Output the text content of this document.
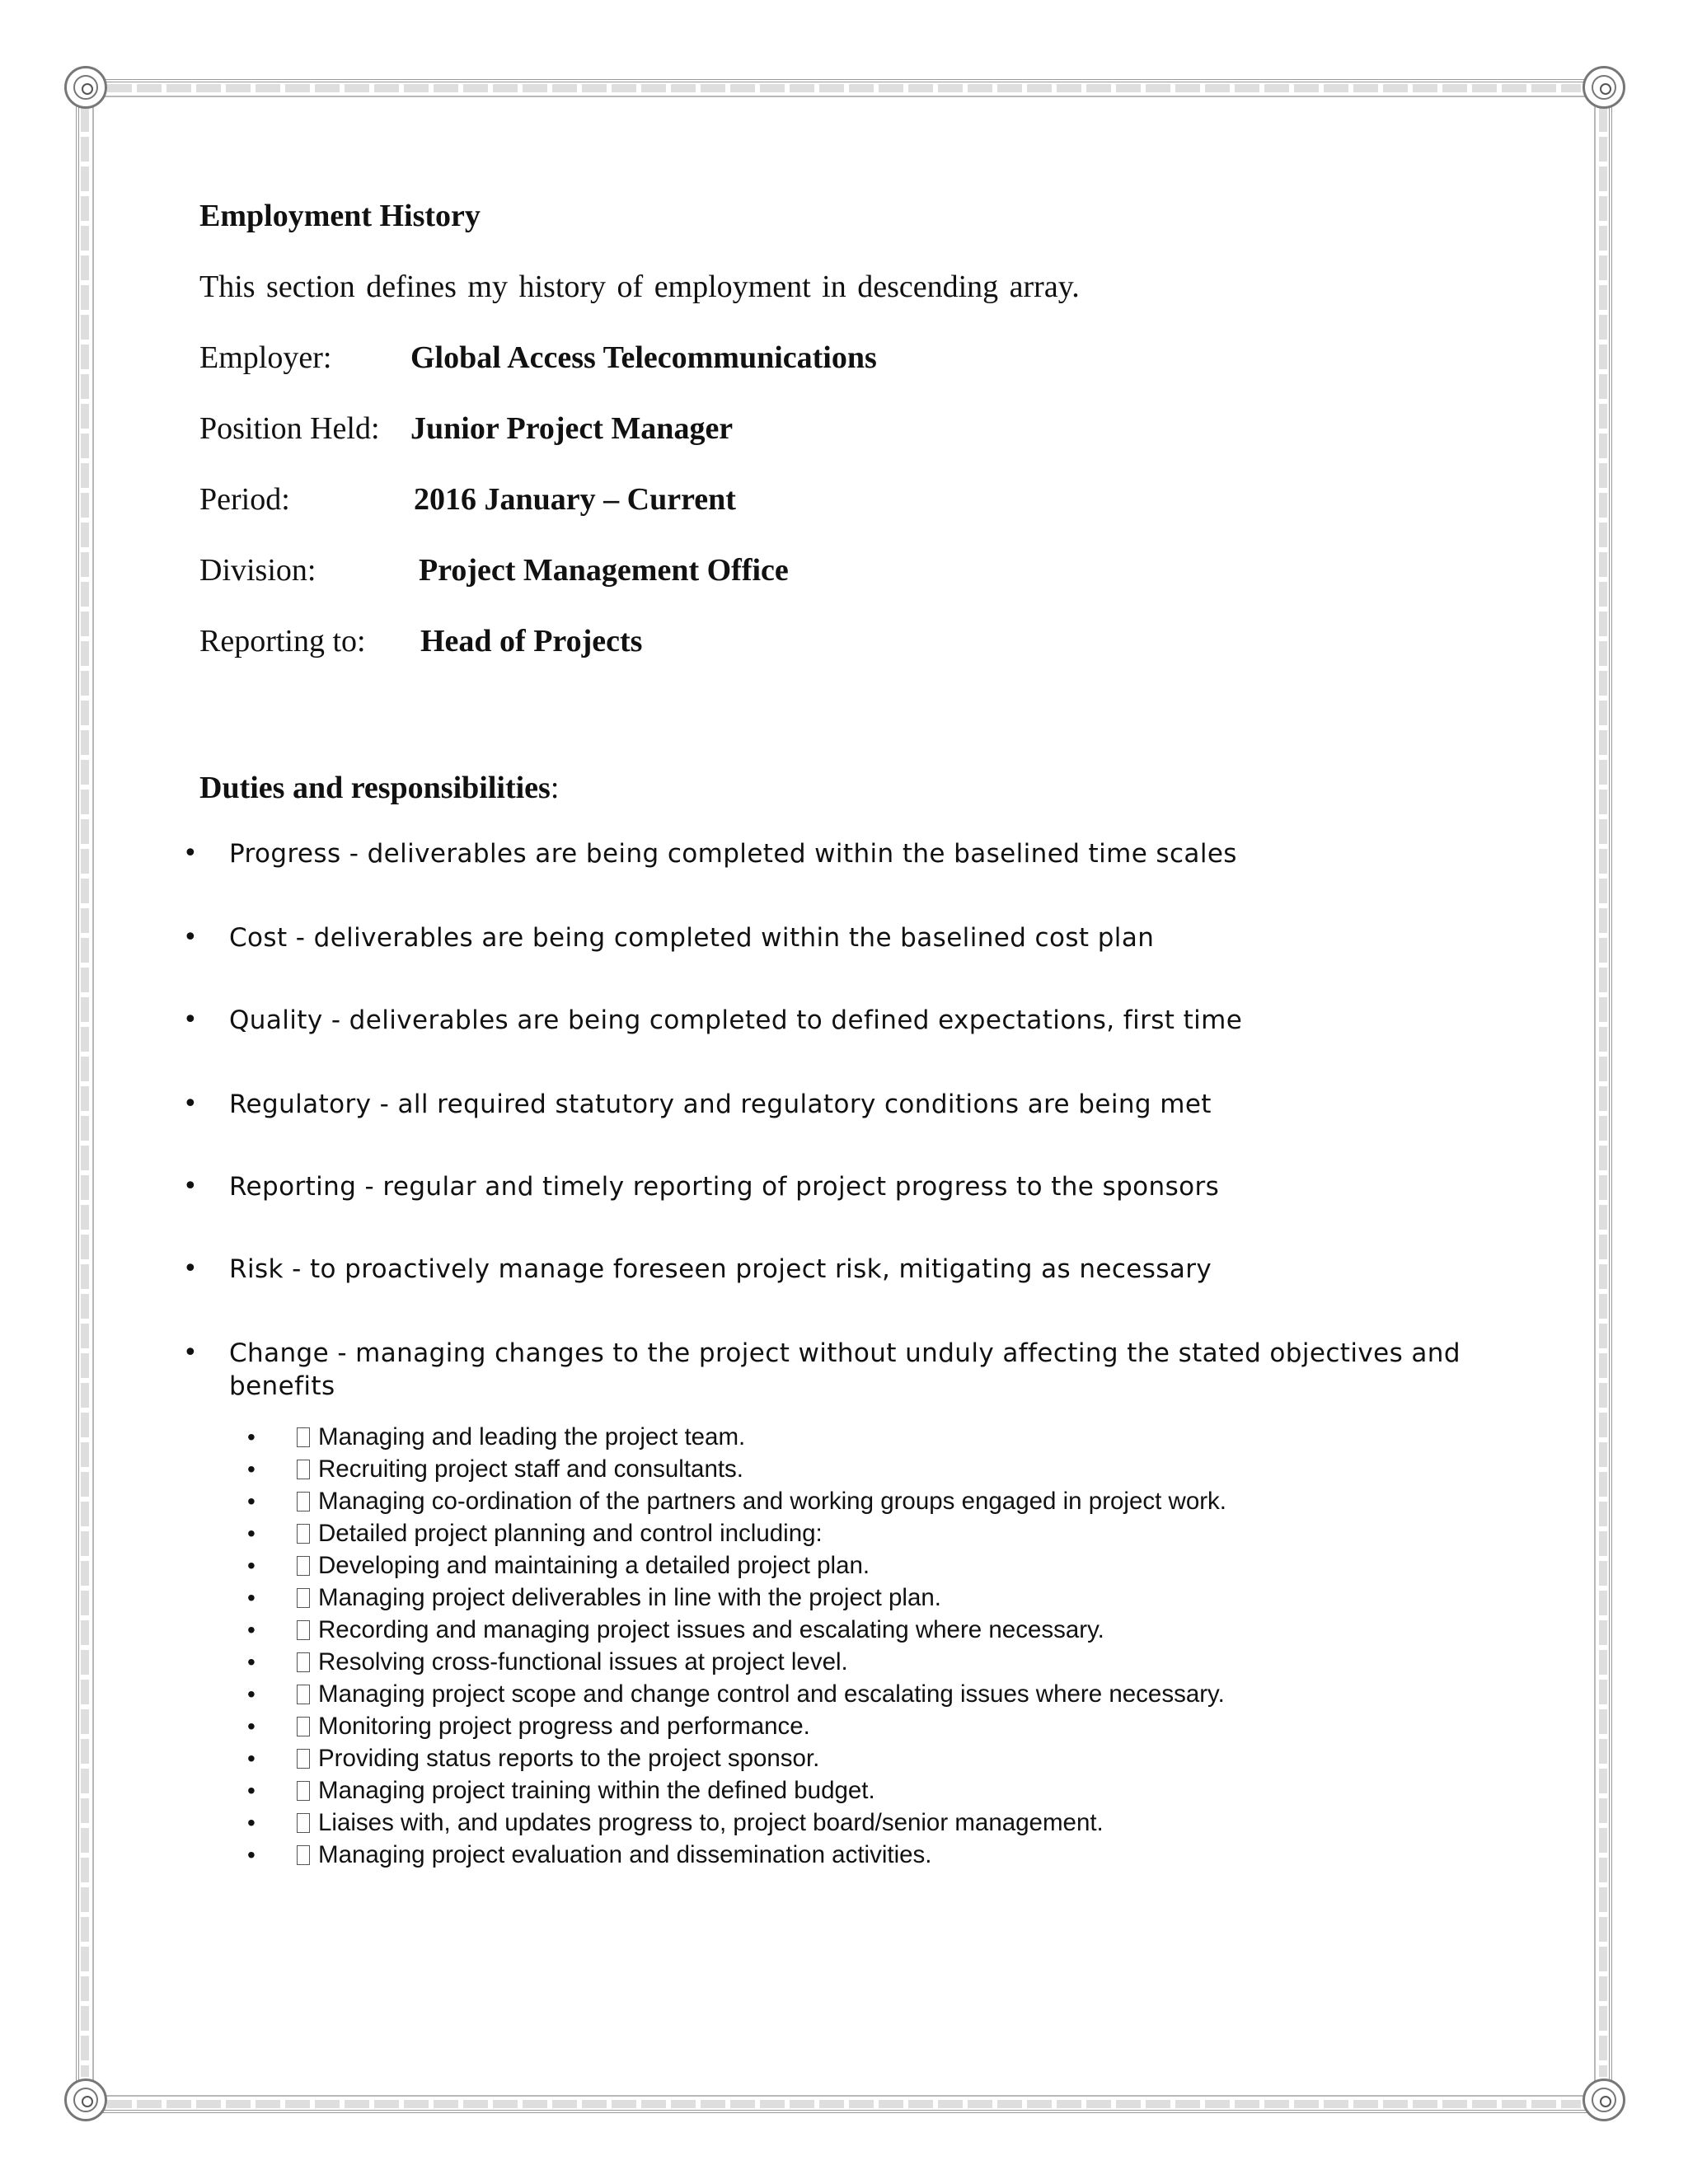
Employment History
This section defines my history of employment in descending array.
Employer:	Global Access Telecommunications
Position Held: Junior Project Manager
Period:	2016 January – Current
Division:	Project Management Office
Reporting to: Head of Projects
Duties and responsibilities:
• Progress - deliverables are being completed within the baselined time scales
• Cost - deliverables are being completed within the baselined cost plan
• Quality - deliverables are being completed to defined expectations, first time
• Regulatory - all required statutory and regulatory conditions are being met
• Reporting - regular and timely reporting of project progress to the sponsors
• Risk - to proactively manage foreseen project risk, mitigating as necessary
• Change - managing changes to the project without unduly affecting the stated objectives and benefits
•	Managing and leading the project team.
•	Recruiting project staff and consultants.
•	Managing co-ordination of the partners and working groups engaged in project work.
•	Detailed project planning and control including:
•	Developing and maintaining a detailed project plan.
•	Managing project deliverables in line with the project plan.
•	Recording and managing project issues and escalating where necessary.
•	Resolving cross-functional issues at project level.
•	Managing project scope and change control and escalating issues where necessary.
•	Monitoring project progress and performance.
•	Providing status reports to the project sponsor.
•	Managing project training within the defined budget.
•	Liaises with, and updates progress to, project board/senior management.
•	Managing project evaluation and dissemination activities.
